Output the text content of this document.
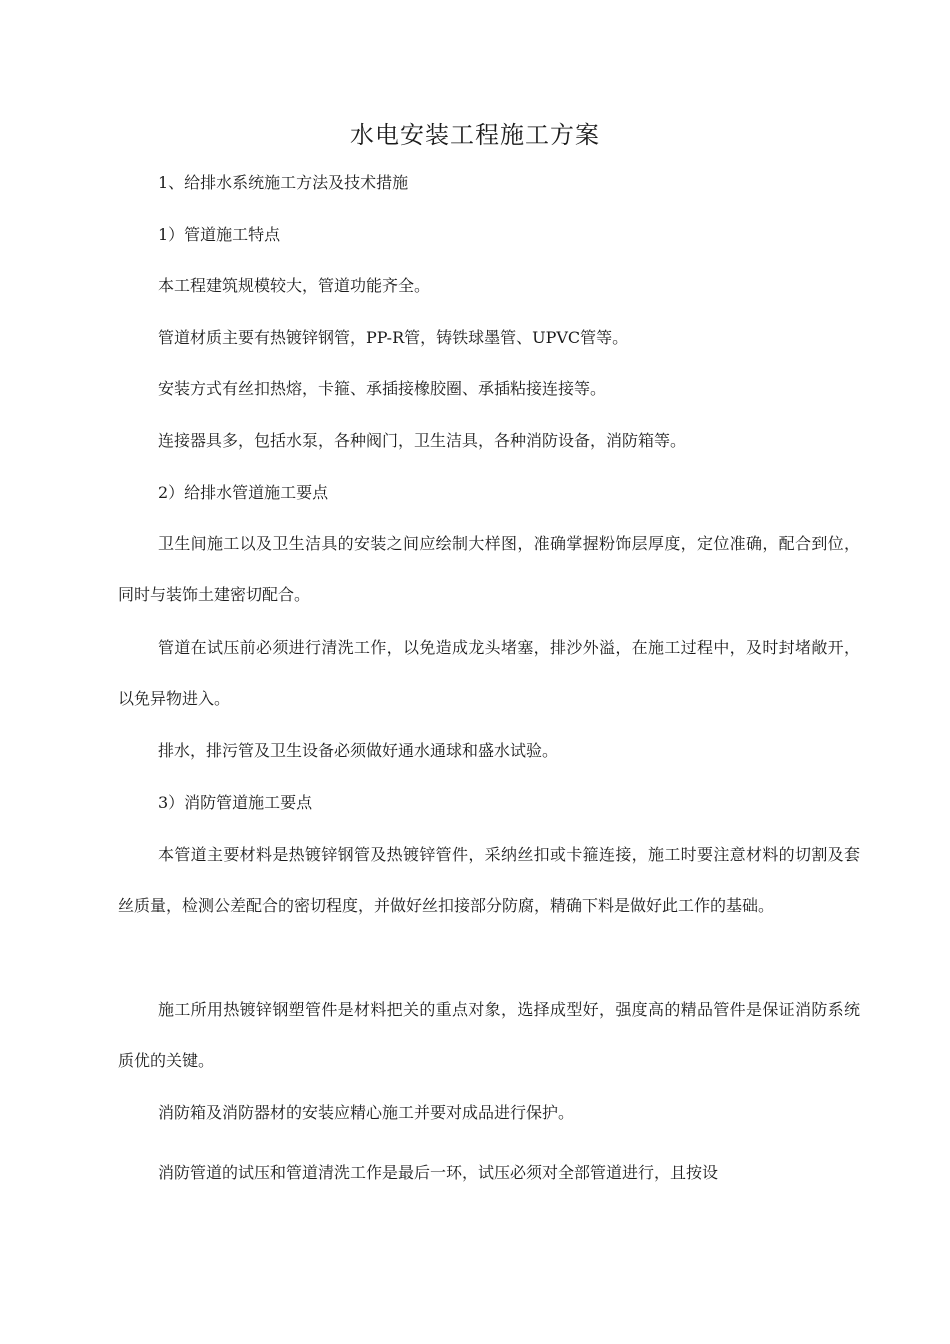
水电安装工程施工方案
1、给排水系统施工方法及技术措施
1）管道施工特点
本工程建筑规模较大，管道功能齐全。
管道材质主要有热镀锌钢管，PP-R管，铸铁球墨管、UPVC管等。
安装方式有丝扣热熔，卡箍、承插接橡胶圈、承插粘接连接等。
连接器具多，包括水泵，各种阀门，卫生洁具，各种消防设备，消防箱等。
2）给排水管道施工要点
卫生间施工以及卫生洁具的安装之间应绘制大样图，准确掌握粉饰层厚度，定位准确，配合到位，同时与装饰土建密切配合。
管道在试压前必须进行清洗工作，以免造成龙头堵塞，排沙外溢，在施工过程中，及时封堵敞开，以免异物进入。
排水，排污管及卫生设备必须做好通水通球和盛水试验。
3）消防管道施工要点
本管道主要材料是热镀锌钢管及热镀锌管件，采纳丝扣或卡箍连接，施工时要注意材料的切割及套丝质量，检测公差配合的密切程度，并做好丝扣接部分防腐，精确下料是做好此工作的基础。
施工所用热镀锌钢塑管件是材料把关的重点对象，选择成型好，强度高的精品管件是保证消防系统质优的关键。
消防箱及消防器材的安装应精心施工并要对成品进行保护。
消防管道的试压和管道清洗工作是最后一环，试压必须对全部管道进行，且按设
